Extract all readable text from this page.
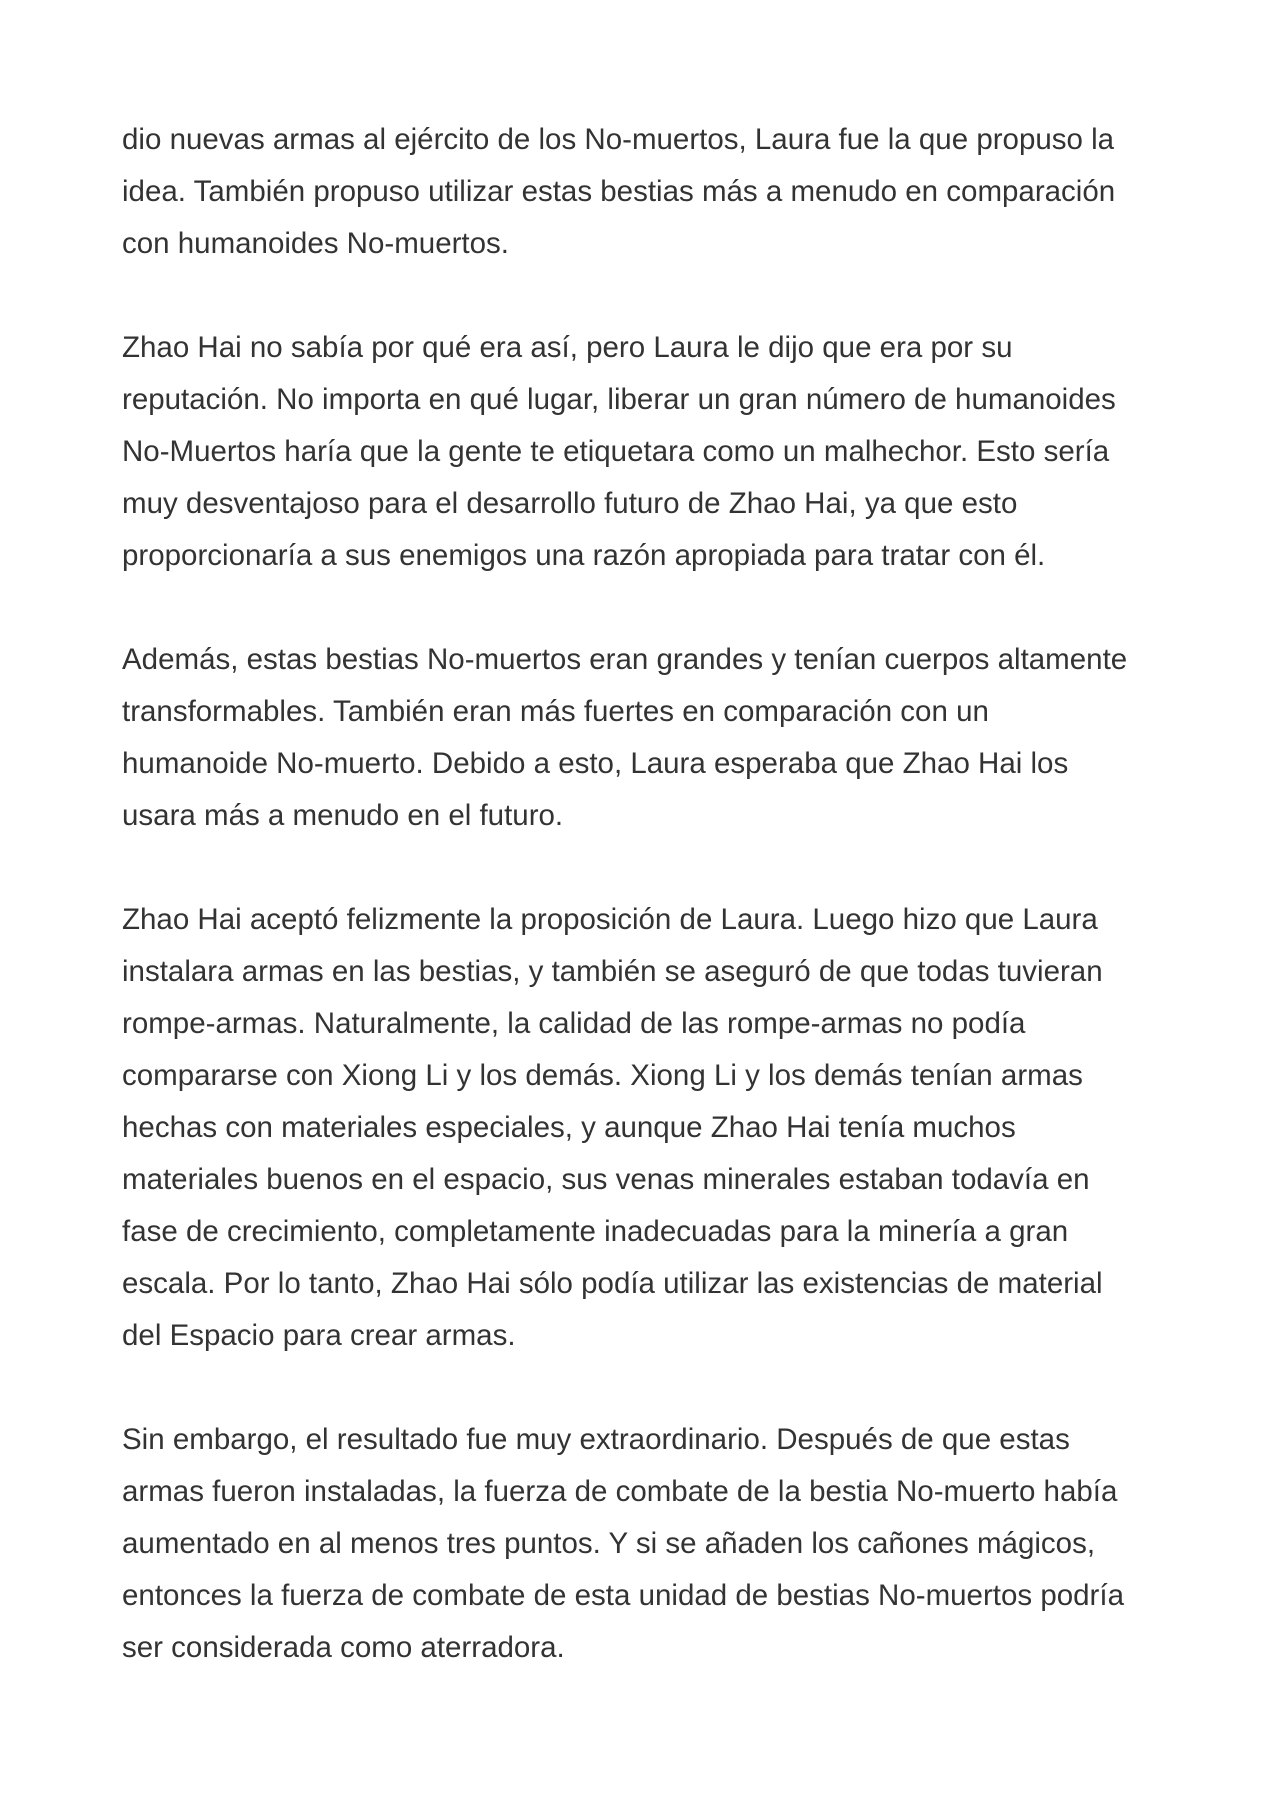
dio nuevas armas al ejército de los No-muertos, Laura fue la que propuso la
idea. También propuso utilizar estas bestias más a menudo en comparación
con humanoides No-muertos.

Zhao Hai no sabía por qué era así, pero Laura le dijo que era por su
reputación. No importa en qué lugar, liberar un gran número de humanoides
No-Muertos haría que la gente te etiquetara como un malhechor. Esto sería
muy desventajoso para el desarrollo futuro de Zhao Hai, ya que esto
proporcionaría a sus enemigos una razón apropiada para tratar con él.

Además, estas bestias No-muertos eran grandes y tenían cuerpos altamente
transformables. También eran más fuertes en comparación con un
humanoide No-muerto. Debido a esto, Laura esperaba que Zhao Hai los
usara más a menudo en el futuro.

Zhao Hai aceptó felizmente la proposición de Laura. Luego hizo que Laura
instalara armas en las bestias, y también se aseguró de que todas tuvieran
rompe-armas. Naturalmente, la calidad de las rompe-armas no podía
compararse con Xiong Li y los demás. Xiong Li y los demás tenían armas
hechas con materiales especiales, y aunque Zhao Hai tenía muchos
materiales buenos en el espacio, sus venas minerales estaban todavía en
fase de crecimiento, completamente inadecuadas para la minería a gran
escala. Por lo tanto, Zhao Hai sólo podía utilizar las existencias de material
del Espacio para crear armas.

Sin embargo, el resultado fue muy extraordinario. Después de que estas
armas fueron instaladas, la fuerza de combate de la bestia No-muerto había
aumentado en al menos tres puntos. Y si se añaden los cañones mágicos,
entonces la fuerza de combate de esta unidad de bestias No-muertos podría
ser considerada como aterradora.
